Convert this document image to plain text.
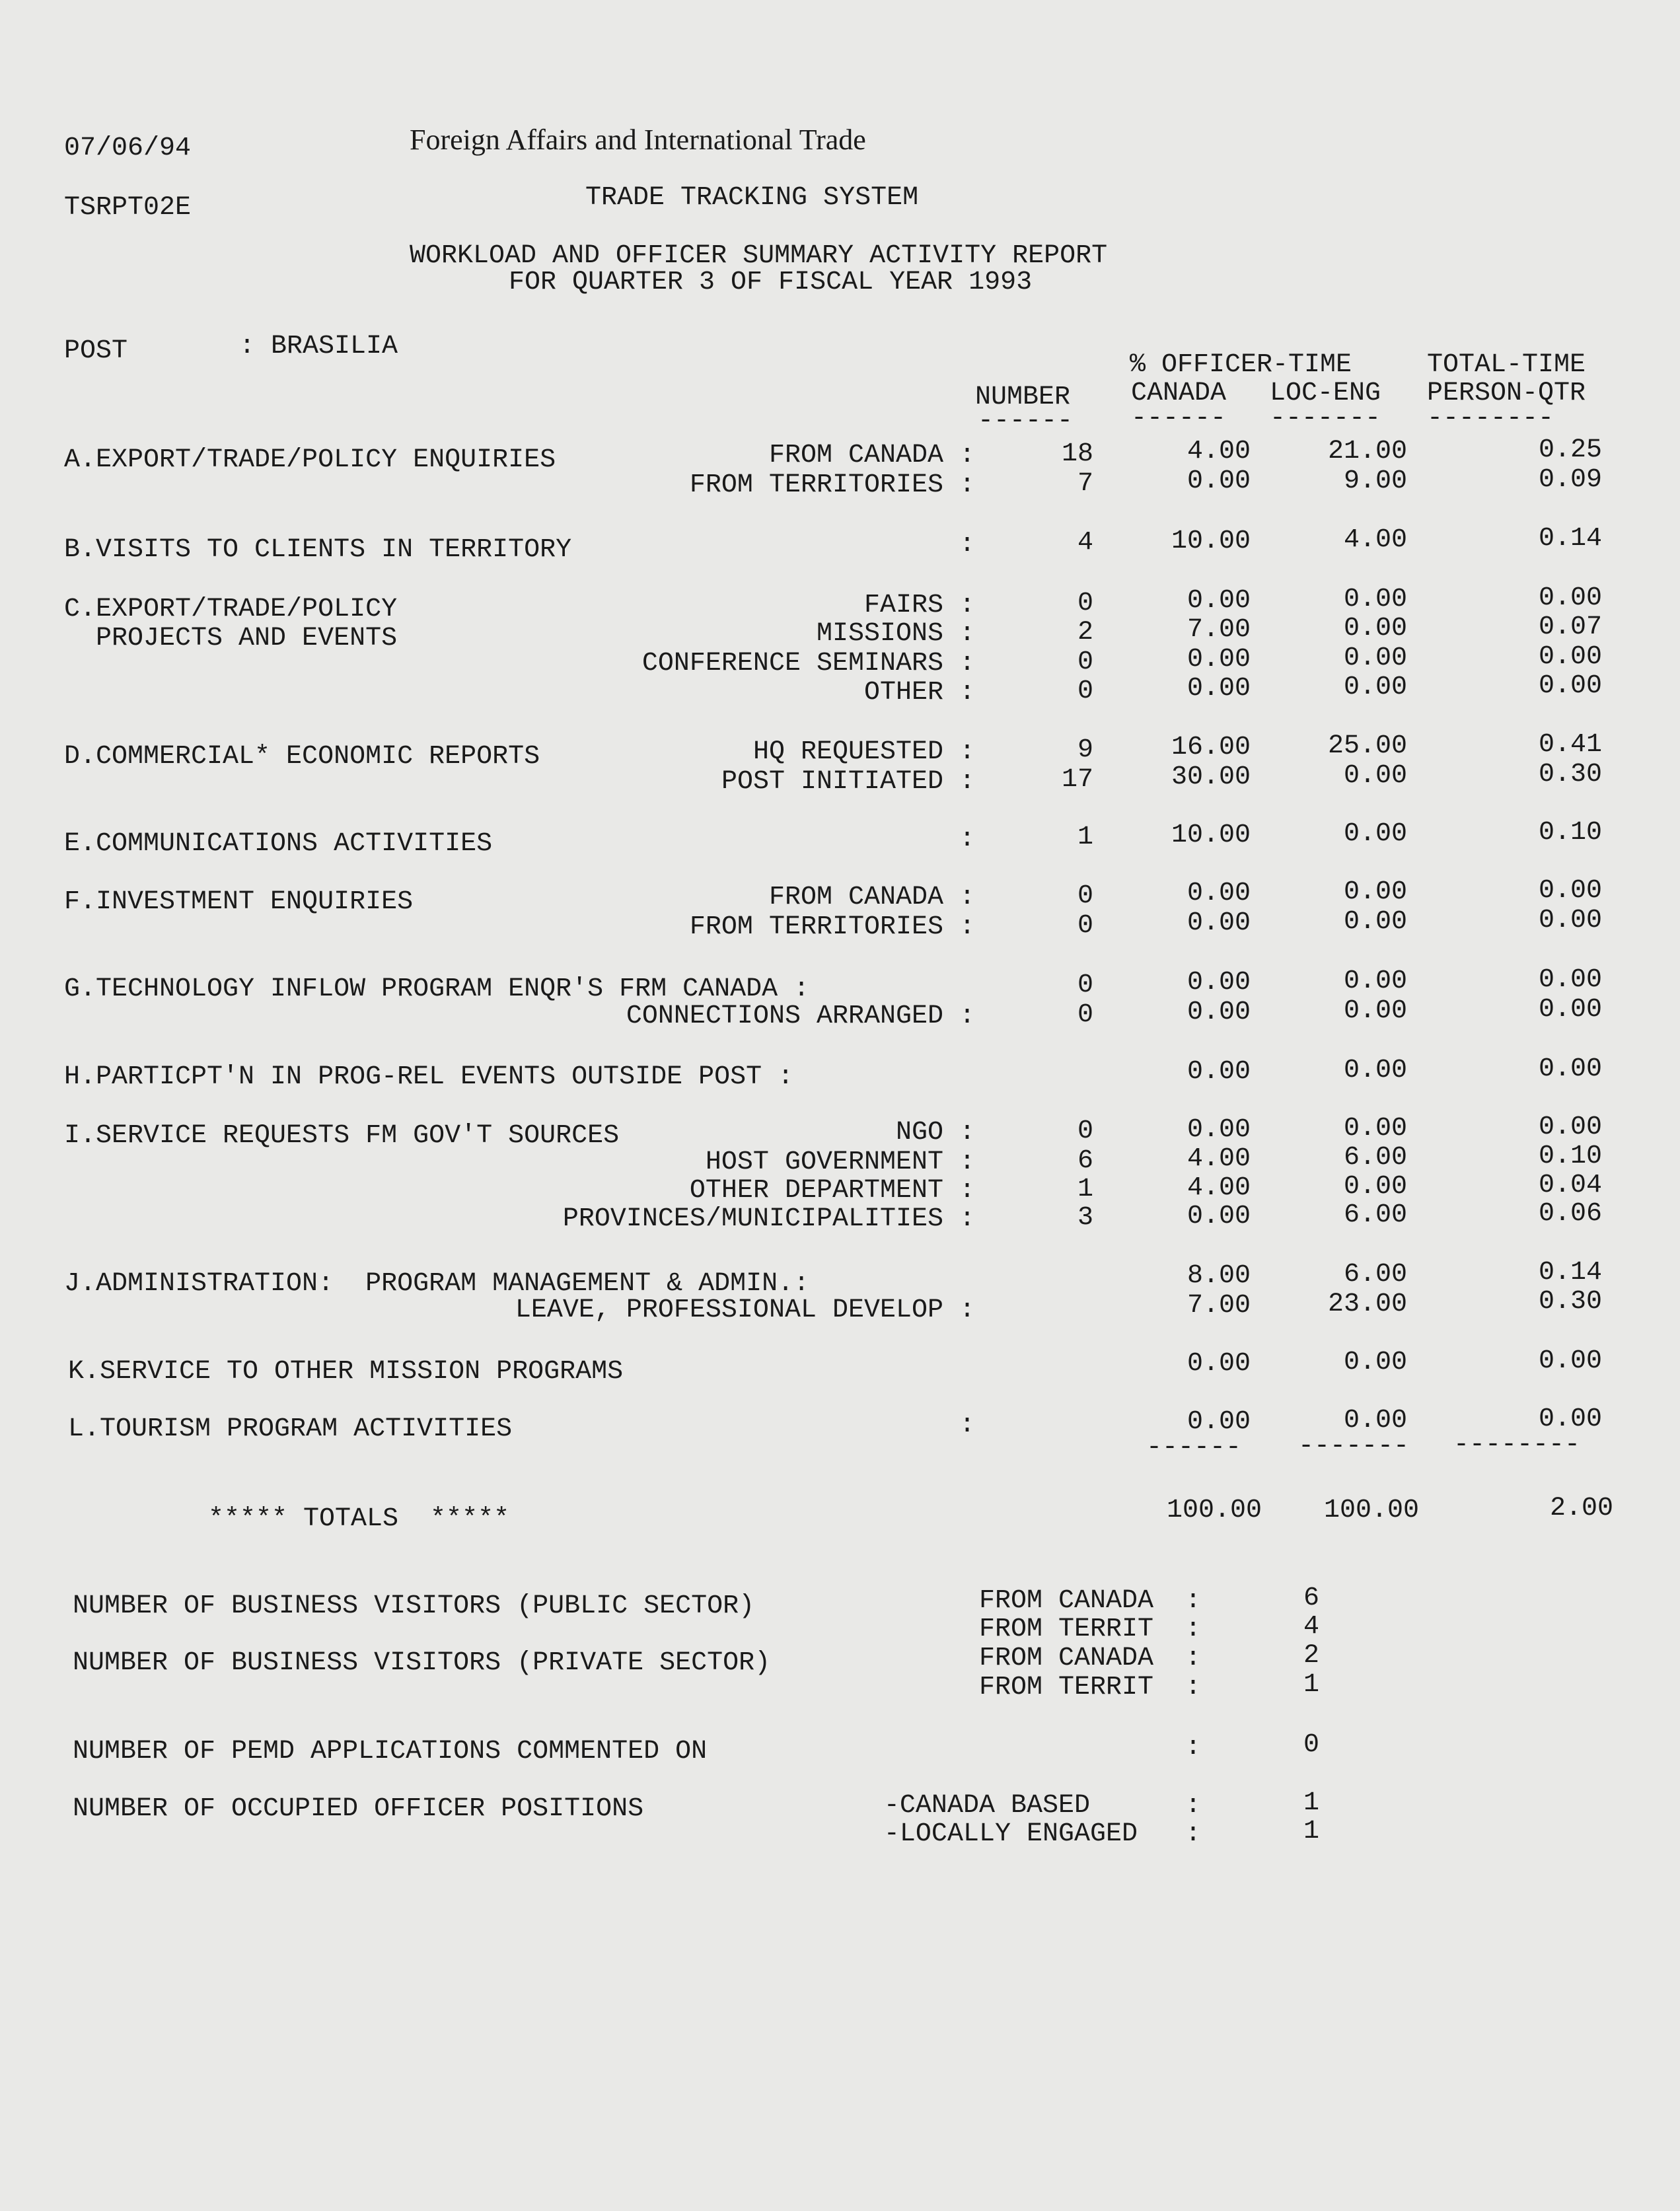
07/06/94
TSRPT02E
Foreign Affairs and International Trade
TRADE TRACKING SYSTEM
WORKLOAD AND OFFICER SUMMARY ACTIVITY REPORT
FOR QUARTER 3 OF FISCAL YEAR 1993
POST	: BRASILIA
% OFFICER-TIME	TOTAL-TIME
NUMBER CANADA LOC-ENG PERSON-QTR
------ ------ ------- --------
A.EXPORT/TRADE/POLICY ENQUIRIES	FROM CANADA :	18	4.00	21.00	0.25
FROM TERRITORIES :	7	0.00	9.00	0.09
B.VISITS TO CLIENTS IN TERRITORY	:	4	10.00	4.00	0.14
C.EXPORT/TRADE/POLICY	FAIRS :	0	0.00	0.00	0.00
PROJECTS AND EVENTS	MISSIONS :	2	7.00	0.00	0.07
CONFERENCE SEMINARS :	0	0.00	0.00	0.00
OTHER :	0	0.00	0.00	0.00
D.COMMERCIAL* ECONOMIC REPORTS	HQ REQUESTED :	9	16.00	25.00	0.41
POST INITIATED :	17	30.00	0.00	0.30
E.COMMUNICATIONS ACTIVITIES	:	1	10.00	0.00	0.10
F.INVESTMENT ENQUIRIES	FROM CANADA :	0	0.00	0.00	0.00
FROM TERRITORIES :	0	0.00	0.00	0.00
G.TECHNOLOGY INFLOW PROGRAM ENQR'S FRM CANADA :	0	0.00	0.00	0.00
CONNECTIONS ARRANGED :	0	0.00	0.00	0.00
H.PARTICPT'N IN PROG-REL EVENTS OUTSIDE POST :	0.00	0.00	0.00
I.SERVICE REQUESTS FM GOV'T SOURCES	NGO :	0	0.00	0.00	0.00
HOST GOVERNMENT :	6	4.00	6.00	0.10
OTHER DEPARTMENT :	1	4.00	0.00	0.04
PROVINCES/MUNICIPALITIES :	3	0.00	6.00	0.06
J.ADMINISTRATION:  PROGRAM MANAGEMENT & ADMIN.:	8.00	6.00	0.14
LEAVE, PROFESSIONAL DEVELOP :	7.00	23.00	0.30
K.SERVICE TO OTHER MISSION PROGRAMS	0.00	0.00	0.00
L.TOURISM PROGRAM ACTIVITIES	:	0.00	0.00	0.00
------ ------- --------
***** TOTALS  *****	100.00 100.00	2.00
NUMBER OF BUSINESS VISITORS (PUBLIC SECTOR)	FROM CANADA  :	6
FROM TERRIT  :	4
NUMBER OF BUSINESS VISITORS (PRIVATE SECTOR)	FROM CANADA  :	2
FROM TERRIT  :	1
NUMBER OF PEMD APPLICATIONS COMMENTED ON	:	0
NUMBER OF OCCUPIED OFFICER POSITIONS	-CANADA BASED      :	1
-LOCALLY ENGAGED   :	1
